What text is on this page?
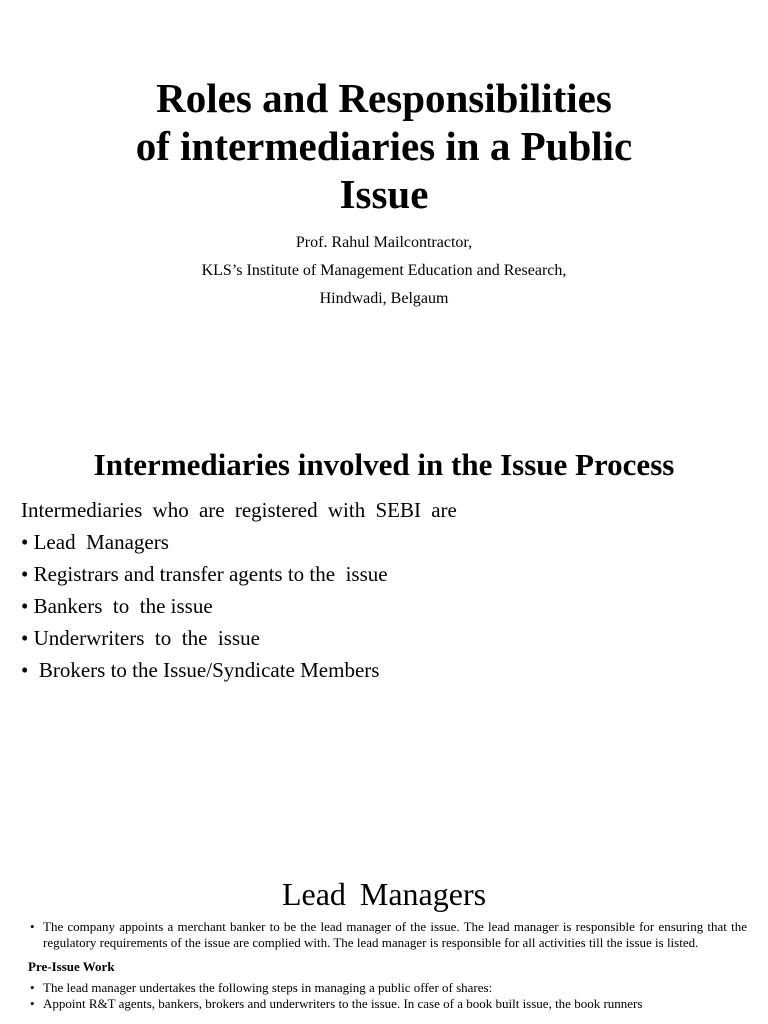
Roles and Responsibilities
of intermediaries in a Public
Issue
Prof. Rahul Mailcontractor,
KLS’s Institute of Management Education and Research,
Hindwadi, Belgaum
Intermediaries involved in the Issue Process
Intermediaries who are registered with SEBI are
• Lead  Managers
• Registrars and transfer agents to the  issue
• Bankers  to  the issue
• Underwriters  to  the  issue
•  Brokers to the Issue/Syndicate Members
Lead Managers
• The company appoints a merchant banker to be the lead manager of the issue. The lead manager is responsible for ensuring that the regulatory requirements of the issue are complied with. The lead manager is responsible for all activities till the issue is listed.
Pre-Issue Work
• The lead manager undertakes the following steps in managing a public offer of shares:
• Appoint R&T agents, bankers, brokers and underwriters to the issue. In case of a book built issue, the book runners
